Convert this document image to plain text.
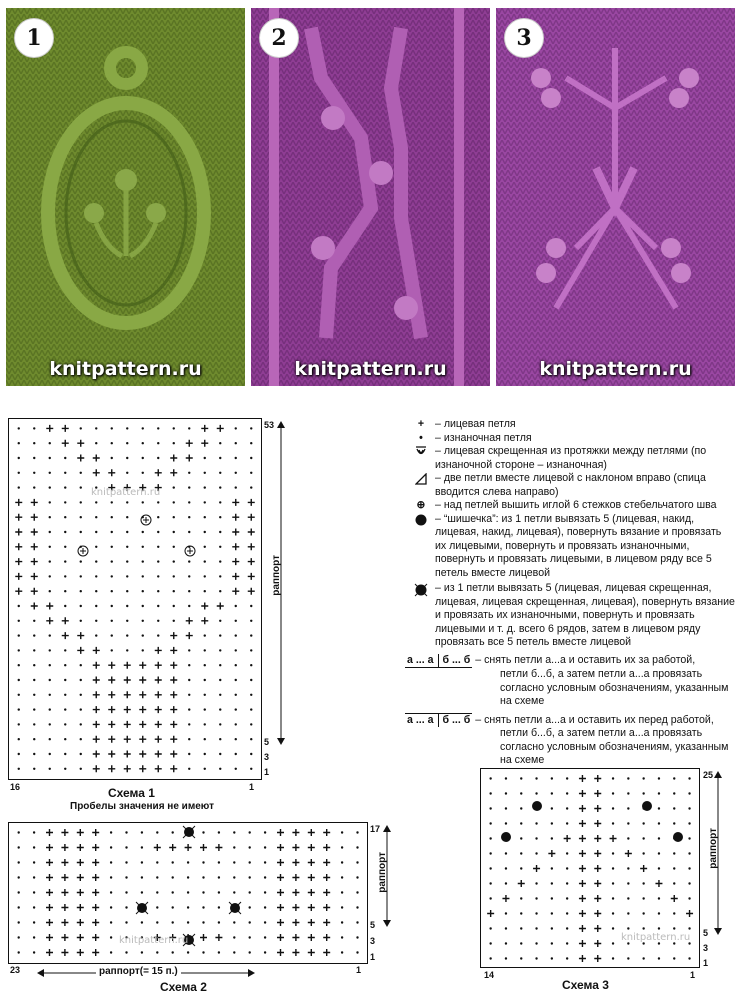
1
knitpattern.ru
2
knitpattern.ru
3
knitpattern.ru
knitpattern.ru
53
5
3
1
раппорт
16	1
Схема 1
Пробелы значения не имеют
knitpattern.ru
17
5
3
1
раппорт
23	1
раппорт(= 15 п.)
Схема 2
knitpattern.ru
25
5
3
1
раппорт
14	1
Схема 3
+	– лицевая петля
•	– изнаночная петля
– лицевая скрещенная из протяжки между петлями (по изнаночной стороне – изнаночная)
– две петли вместе лицевой с наклоном вправо (спица вводится слева направо)
⊕ – над петлей вышить иглой 6 стежков стебельчатого шва
– “шишечка”: из 1 петли вывязать 5 (лицевая, накид, лицевая, накид, лицевая), повернуть вязание и провязать их лицевыми, повернуть и провязать изнаночными, повернуть и провязать лицевыми, в лицевом ряду все 5 петель вместе лицевой
– из 1 петли вывязать 5 (лицевая, лицевая скрещенная, лицевая, лицевая скрещенная, лицевая), повернуть вязание и провязать их изнаночными, повернуть и провязать лицевыми и т. д. всего 6 рядов, затем в лицевом ряду провязать все 5 петель вместе лицевой
а ... а б ... б – снять петли а...а и оставить их за работой,
петли б...б, а затем петли а...а провязать согласно условным обозначениям, указанным на схеме
а ... а б ... б – снять петли а...а и оставить их перед работой,
петли б...б, а затем петли а...а провязать согласно условным обозначениям, указанным на схеме
